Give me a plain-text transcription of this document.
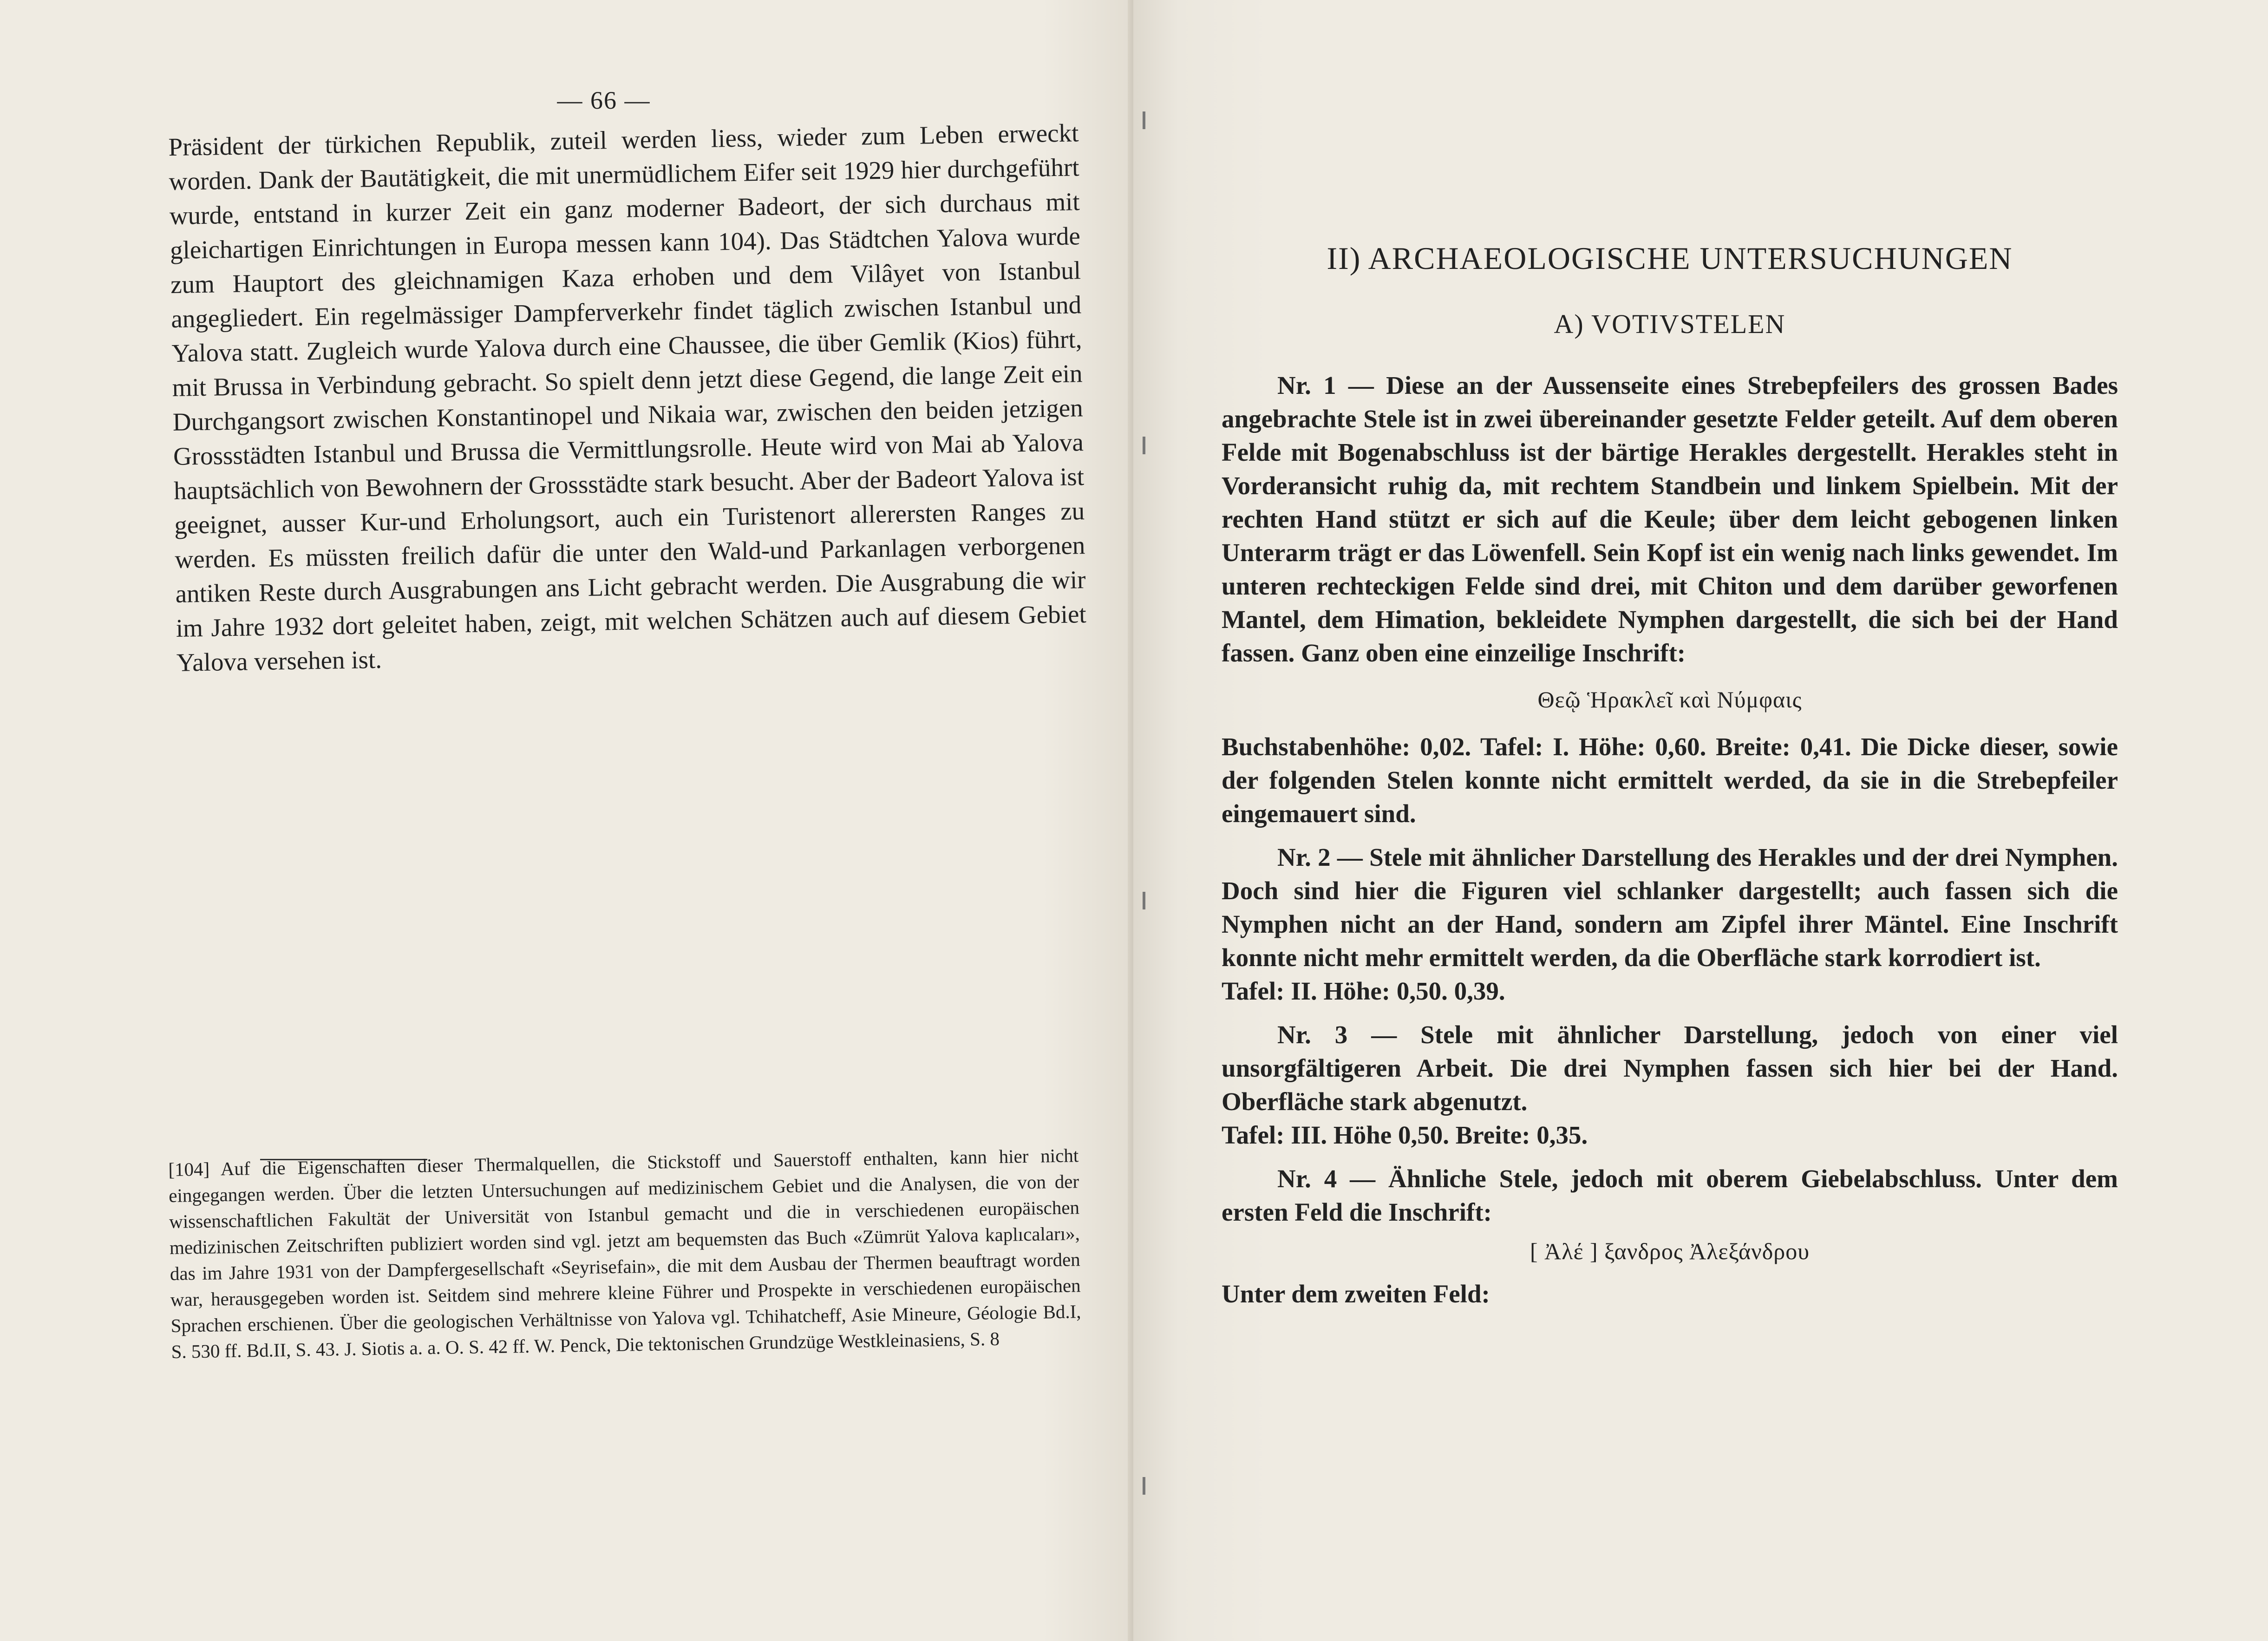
— 66 —

Präsident der türkichen Republik, zuteil werden liess, wieder zum Leben erweckt worden. Dank der Bautätigkeit, die mit unermüdlichem Eifer seit 1929 hier durchgeführt wurde, entstand in kurzer Zeit ein ganz moderner Badeort, der sich durchaus mit gleichartigen Einrichtungen in Europa messen kann 104). Das Städtchen Yalova wurde zum Hauptort des gleichnamigen Kaza erhoben und dem Vilâyet von Istanbul angegliedert. Ein regelmässiger Dampferverkehr findet täglich zwischen Istanbul und Yalova statt. Zugleich wurde Yalova durch eine Chaussee, die über Gemlik (Kios) führt, mit Brussa in Verbindung gebracht. So spielt denn jetzt diese Gegend, die lange Zeit ein Durchgangsort zwischen Konstantinopel und Nikaia war, zwischen den beiden jetzigen Grossstädten Istanbul und Brussa die Vermittlungsrolle. Heute wird von Mai ab Yalova hauptsächlich von Bewohnern der Grossstädte stark besucht. Aber der Badeort Yalova ist geeignet, ausser Kur-und Erholungsort, auch ein Turistenort allerersten Ranges zu werden. Es müssten freilich dafür die unter den Wald-und Parkanlagen verborgenen antiken Reste durch Ausgrabungen ans Licht gebracht werden. Die Ausgrabung die wir im Jahre 1932 dort geleitet haben, zeigt, mit welchen Schätzen auch auf diesem Gebiet Yalova versehen ist.

[104] Auf die Eigenschaften dieser Thermalquellen, die Stickstoff und Sauerstoff enthalten, kann hier nicht eingegangen werden. Über die letzten Untersuchungen auf medizinischem Gebiet und die Analysen, die von der wissenschaftlichen Fakultät der Universität von Istanbul gemacht und die in verschiedenen europäischen medizinischen Zeitschriften publiziert worden sind vgl. jetzt am bequemsten das Buch «Zümrüt Yalova kaplıcaları», das im Jahre 1931 von der Dampfergesellschaft «Seyrisefain», die mit dem Ausbau der Thermen beauftragt worden war, herausgegeben worden ist. Seitdem sind mehrere kleine Führer und Prospekte in verschiedenen europäischen Sprachen erschienen. Über die geologischen Verhältnisse von Yalova vgl. Tchihatcheff, Asie Mineure, Géologie Bd.I, S. 530 ff. Bd.II, S. 43. J. Siotis a. a. O. S. 42 ff. W. Penck, Die tektonischen Grundzüge Westkleinasiens, S. 8

II) ARCHAEOLOGISCHE UNTERSUCHUNGEN
A) VOTIVSTELEN

Nr. 1 — Diese an der Aussenseite eines Strebepfeilers des grossen Bades angebrachte Stele ist in zwei übereinander gesetzte Felder geteilt. Auf dem oberen Felde mit Bogenabschluss ist der bärtige Herakles dergestellt. Herakles steht in Vorderansicht ruhig da, mit rechtem Standbein und linkem Spielbein. Mit der rechten Hand stützt er sich auf die Keule; über dem leicht gebogenen linken Unterarm trägt er das Löwenfell. Sein Kopf ist ein wenig nach links gewendet. Im unteren rechteckigen Felde sind drei, mit Chiton und dem darüber geworfenen Mantel, dem Himation, bekleidete Nymphen dargestellt, die sich bei der Hand fassen. Ganz oben eine einzeilige Inschrift:

Θεῷ Ἡρακλεῖ καὶ Νύμφαις

Buchstabenhöhe: 0,02. Tafel: I. Höhe: 0,60. Breite: 0,41. Die Dicke dieser, sowie der folgenden Stelen konnte nicht ermittelt werded, da sie in die Strebepfeiler eingemauert sind.

Nr. 2 — Stele mit ähnlicher Darstellung des Herakles und der drei Nymphen. Doch sind hier die Figuren viel schlanker dargestellt; auch fassen sich die Nymphen nicht an der Hand, sondern am Zipfel ihrer Mäntel. Eine Inschrift konnte nicht mehr ermittelt werden, da die Oberfläche stark korrodiert ist.

Tafel: II. Höhe: 0,50. 0,39.

Nr. 3 — Stele mit ähnlicher Darstellung, jedoch von einer viel unsorgfältigeren Arbeit. Die drei Nymphen fassen sich hier bei der Hand. Oberfläche stark abgenutzt.

Tafel: III. Höhe 0,50. Breite: 0,35.

Nr. 4 — Ähnliche Stele, jedoch mit oberem Giebelabschluss. Unter dem ersten Feld die Inschrift:

[ Ἀλέ ] ξανδρος Ἀλεξάνδρου

Unter dem zweiten Feld:
